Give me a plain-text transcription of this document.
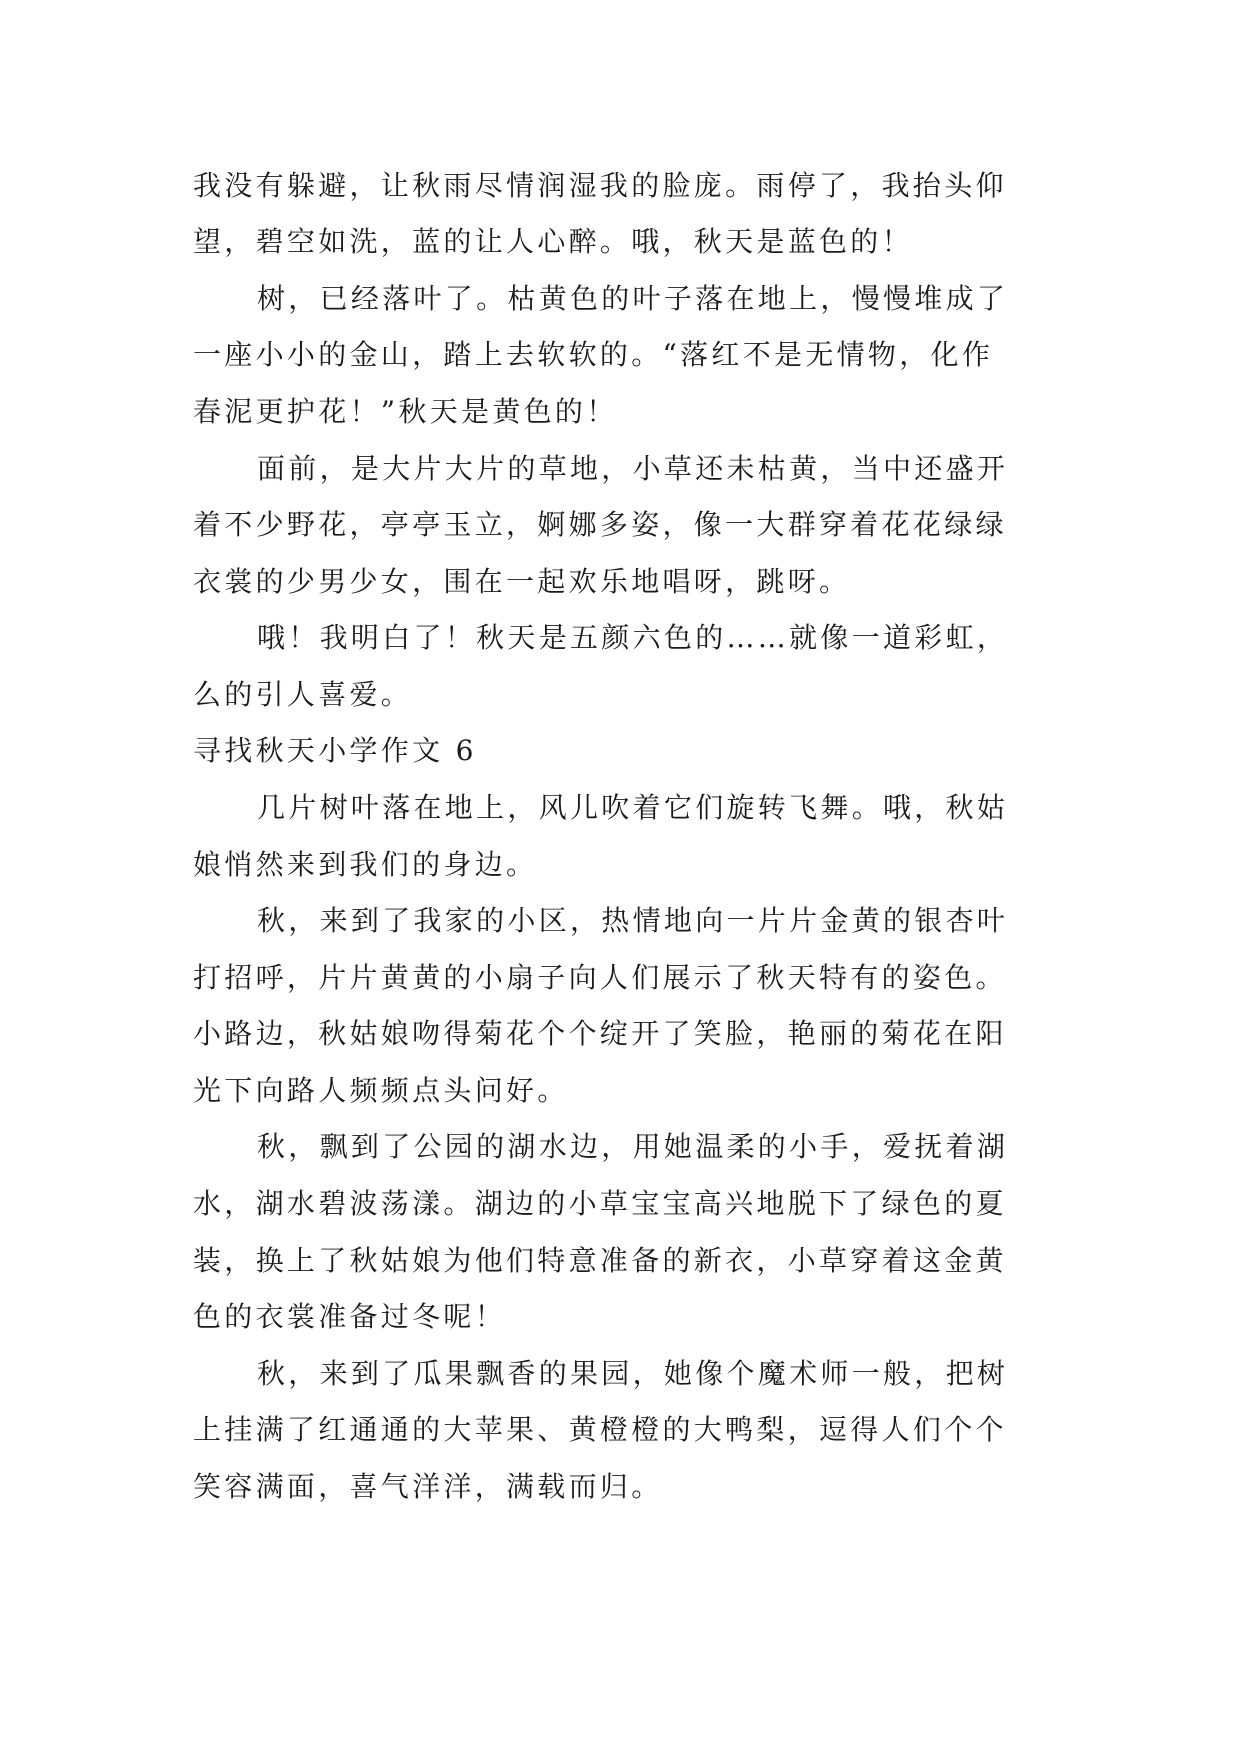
我没有躲避，让秋雨尽情润湿我的脸庞。雨停了，我抬头仰
望，碧空如洗，蓝的让人心醉。哦，秋天是蓝色的！
树，已经落叶了。枯黄色的叶子落在地上，慢慢堆成了
一座小小的金山，踏上去软软的。“落红不是无情物，化作
春泥更护花！”秋天是黄色的！
面前，是大片大片的草地，小草还未枯黄，当中还盛开
着不少野花，亭亭玉立，婀娜多姿，像一大群穿着花花绿绿
衣裳的少男少女，围在一起欢乐地唱呀，跳呀。
哦！我明白了！秋天是五颜六色的……就像一道彩虹，
么的引人喜爱。
寻找秋天小学作文 6
几片树叶落在地上，风儿吹着它们旋转飞舞。哦，秋姑
娘悄然来到我们的身边。
秋，来到了我家的小区，热情地向一片片金黄的银杏叶
打招呼，片片黄黄的小扇子向人们展示了秋天特有的姿色。
小路边，秋姑娘吻得菊花个个绽开了笑脸，艳丽的菊花在阳
光下向路人频频点头问好。
秋，飘到了公园的湖水边，用她温柔的小手，爱抚着湖
水，湖水碧波荡漾。湖边的小草宝宝高兴地脱下了绿色的夏
装，换上了秋姑娘为他们特意准备的新衣，小草穿着这金黄
色的衣裳准备过冬呢！
秋，来到了瓜果飘香的果园，她像个魔术师一般，把树
上挂满了红通通的大苹果、黄橙橙的大鸭梨，逗得人们个个
笑容满面，喜气洋洋，满载而归。
